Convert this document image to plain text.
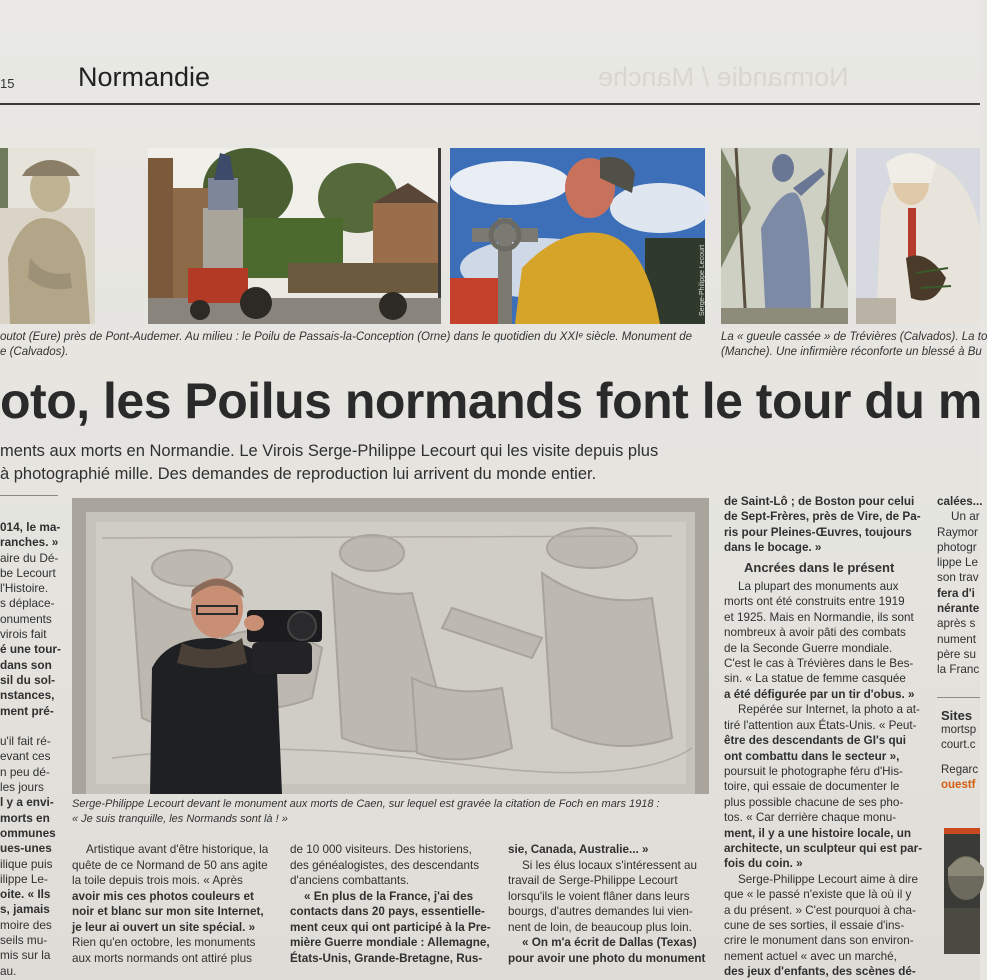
15 Normandie	Normandie / Manche
Serge-Philippe Lecourt
outot (Eure) près de Pont-Audemer. Au milieu : le Poilu de Passais-la-Conception (Orne) dans le quotidien du XXIᵉ siècle. Monument de
e (Calvados).
La « gueule cassée » de Trévières (Calvados). La to
(Manche). Une infirmière réconforte un blessé à Bu
oto, les Poilus normands font le tour du m
ments aux morts en Normandie. Le Virois Serge-Philippe Lecourt qui les visite depuis plus
à photographié mille. Des demandes de reproduction lui arrivent du monde entier.
Serge-Philippe Lecourt devant le monument aux morts de Caen, sur lequel est gravée la citation de Foch en mars 1918 :
« Je suis tranquille, les Normands sont là ! »
014, le ma-
ranches. »
aire du Dé-
be Lecourt
l'Histoire.
s déplace-
onuments
virois fait
é une tour-
dans son
sil du sol-
nstances,
ment pré-

u'il fait ré-
evant ces
n peu dé-
les jours
l y a envi-
morts en
ommunes
ues-unes
ilique puis
ilippe Le-
oite. « Ils
s, jamais
moire des
seils mu-
mis sur la
au.
Artistique avant d'être historique, la
quête de ce Normand de 50 ans agite
la toile depuis trois mois. « Après
avoir mis ces photos couleurs et
noir et blanc sur mon site Internet,
je leur ai ouvert un site spécial. »
Rien qu'en octobre, les monuments
aux morts normands ont attiré plus
de 10 000 visiteurs. Des historiens,
des généalogistes, des descendants
d'anciens combattants.
« En plus de la France, j'ai des
contacts dans 20 pays, essentielle-
ment ceux qui ont participé à la Pre-
mière Guerre mondiale : Allemagne,
États-Unis, Grande-Bretagne, Rus-
sie, Canada, Australie... »
Si les élus locaux s'intéressent au
travail de Serge-Philippe Lecourt
lorsqu'ils le voient flâner dans leurs
bourgs, d'autres demandes lui vien-
nent de loin, de beaucoup plus loin.
« On m'a écrit de Dallas (Texas)
pour avoir une photo du monument
de Saint-Lô ; de Boston pour celui
de Sept-Frères, près de Vire, de Pa-
ris pour Pleines-Œuvres, toujours
dans le bocage. »
Ancrées dans le présent
La plupart des monuments aux
morts ont été construits entre 1919
et 1925. Mais en Normandie, ils sont
nombreux à avoir pâti des combats
de la Seconde Guerre mondiale.
C'est le cas à Trévières dans le Bes-
sin. « La statue de femme casquée
a été défigurée par un tir d'obus. »
Repérée sur Internet, la photo a at-
tiré l'attention aux États-Unis. « Peut-
être des descendants de GI's qui
ont combattu dans le secteur »,
poursuit le photographe féru d'His-
toire, qui essaie de documenter le
plus possible chacune de ses pho-
tos. « Car derrière chaque monu-
ment, il y a une histoire locale, un
architecte, un sculpteur qui est par-
fois du coin. »
Serge-Philippe Lecourt aime à dire
que « le passé n'existe que là où il y
a du présent. » C'est pourquoi à cha-
cune de ses sorties, il essaie d'ins-
crire le monument dans son environ-
nement actuel « avec un marché,
des jeux d'enfants, des scènes dé-
calées...
Un ar
Raymor
photogr
lippe Le
son trav
fera d'i
nérante
après s
nument
père su
la Franc
Sites
mortsp
court.c
Regarc
ouestf
